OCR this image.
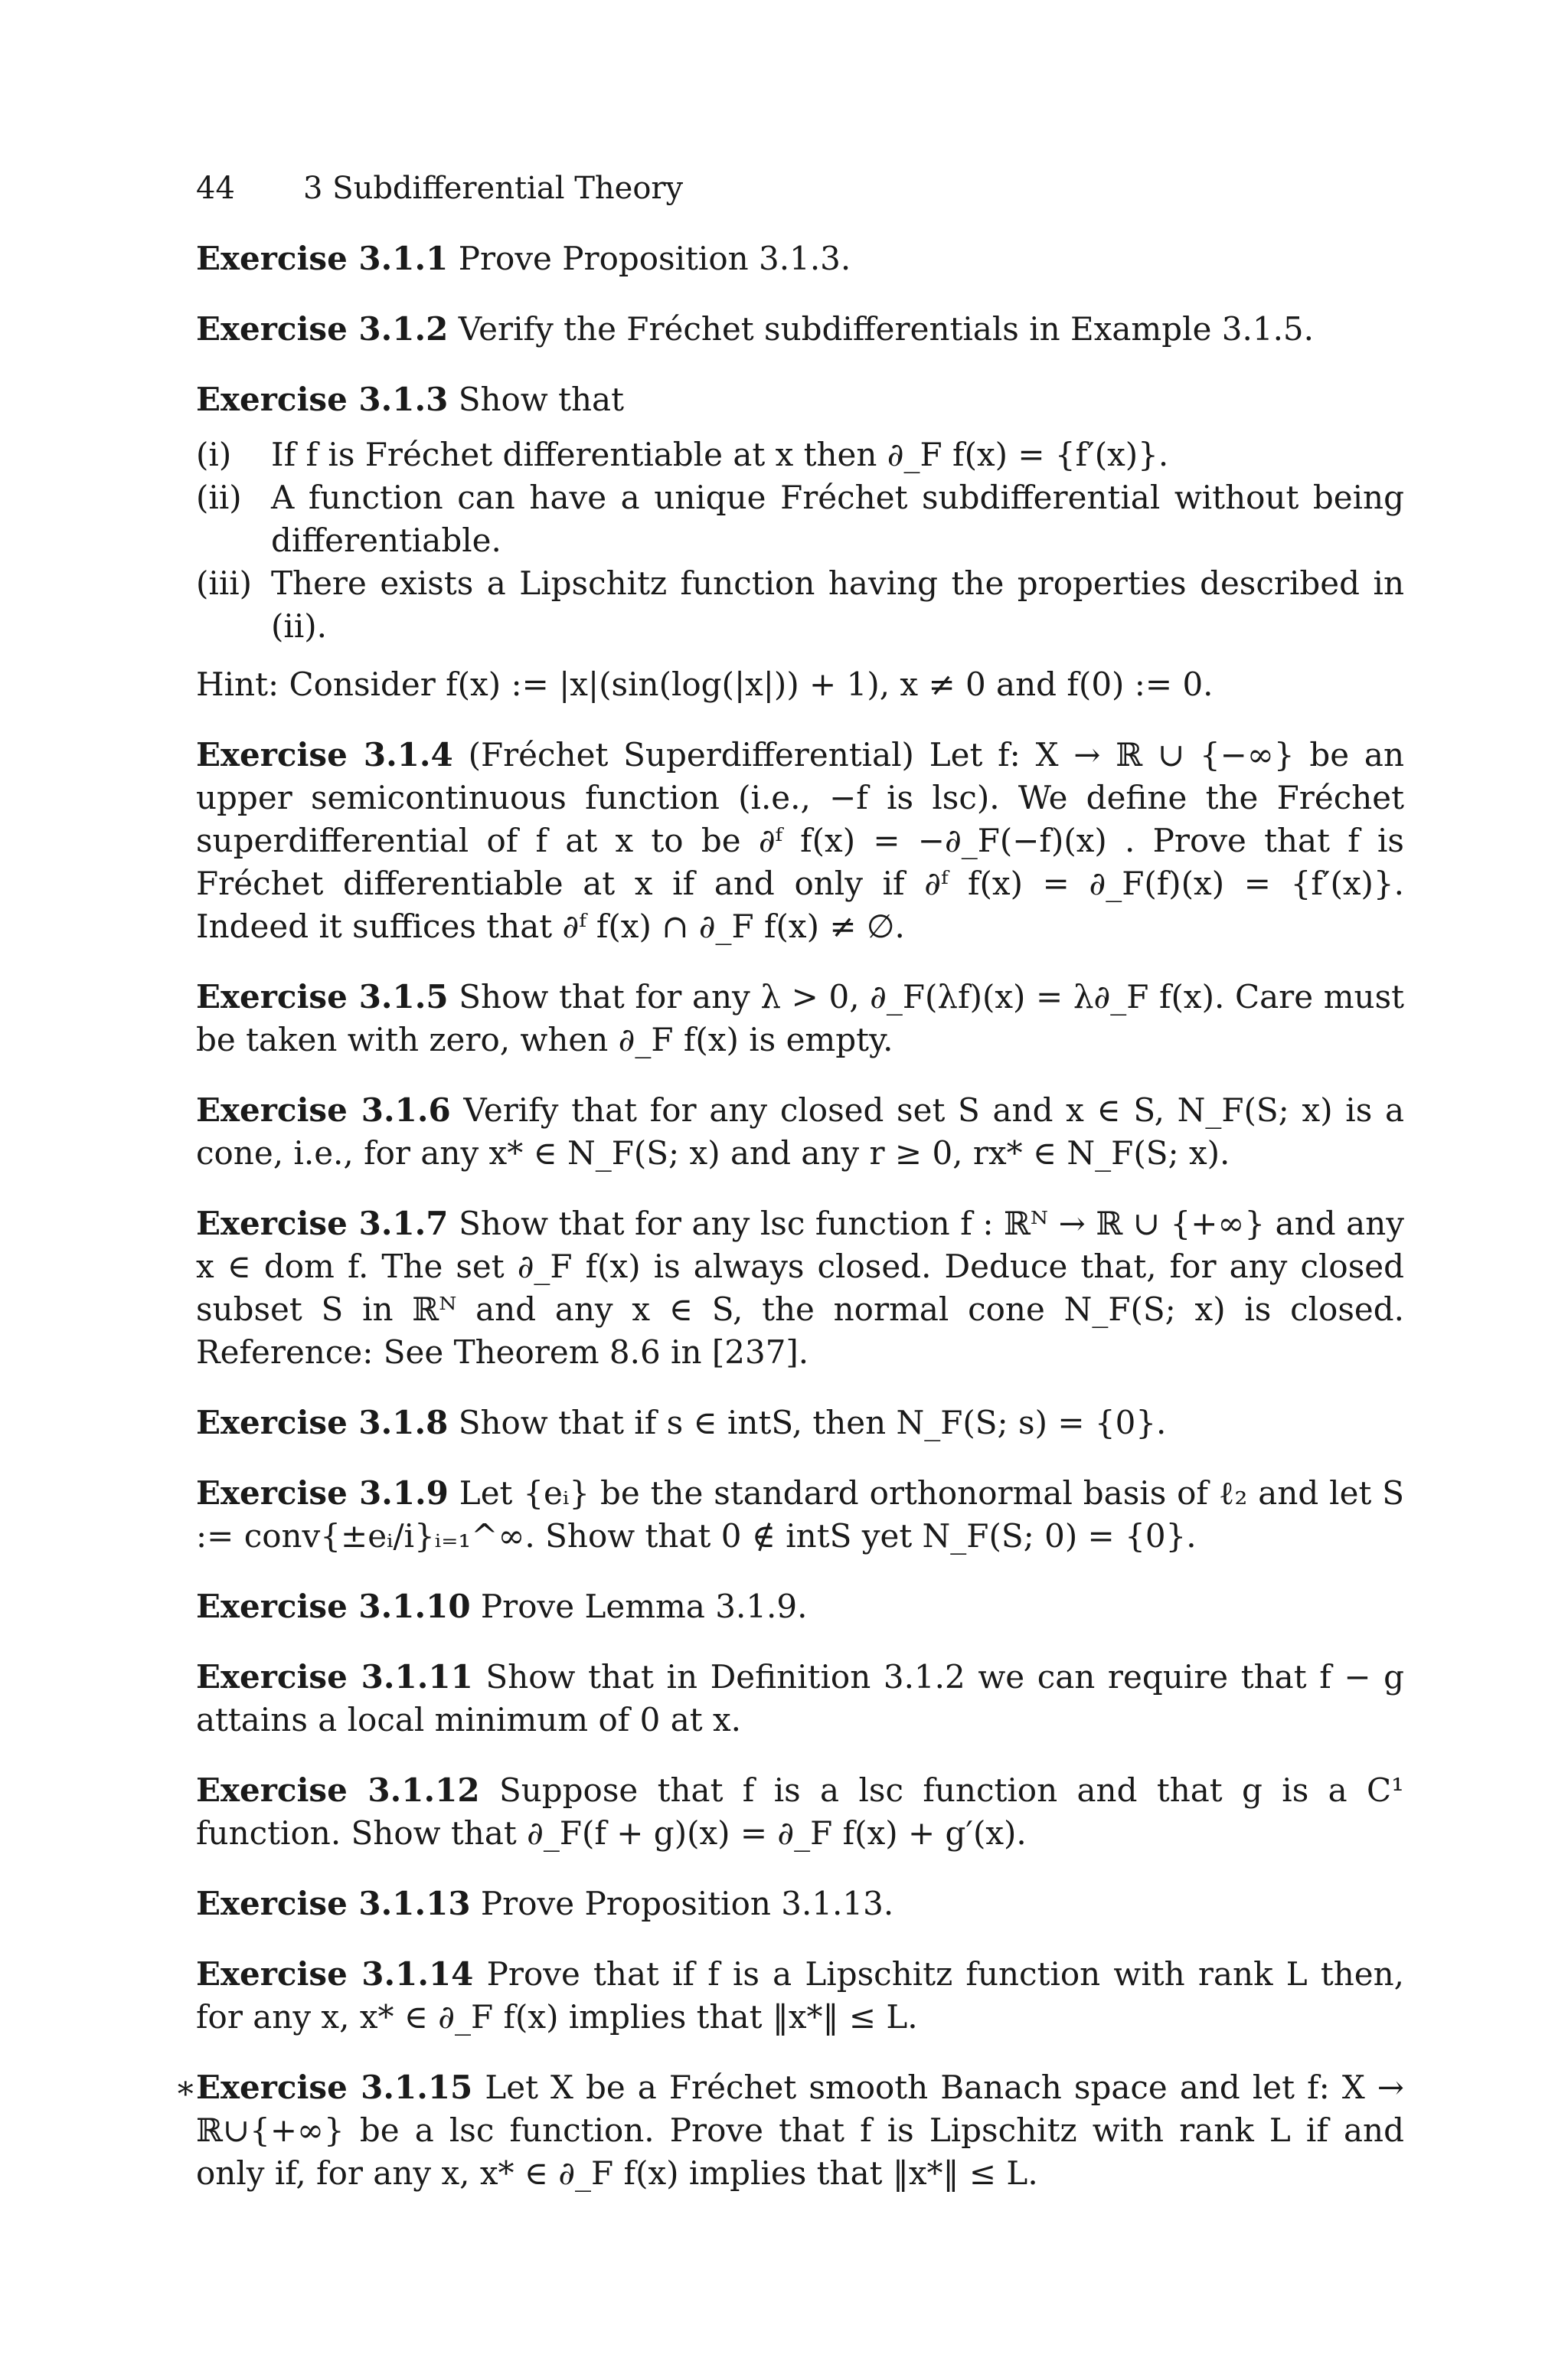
44 3 Subdifferential Theory

Exercise 3.1.1 Prove Proposition 3.1.3.

Exercise 3.1.2 Verify the Fréchet subdifferentials in Example 3.1.5.

Exercise 3.1.3 Show that

(i) If f is Fréchet differentiable at x then ∂_F f(x) = {f′(x)}.
(ii) A function can have a unique Fréchet subdifferential without being differentiable.
(iii) There exists a Lipschitz function having the properties described in (ii).

Hint: Consider f(x) := |x|(sin(log(|x|)) + 1), x ≠ 0 and f(0) := 0.

Exercise 3.1.4 (Fréchet Superdifferential) Let f: X → ℝ ∪ {−∞} be an upper semicontinuous function (i.e., −f is lsc). We define the Fréchet superdifferential of f at x to be ∂ᶠ f(x) = −∂_F(−f)(x) . Prove that f is Fréchet differentiable at x if and only if ∂ᶠ f(x) = ∂_F(f)(x) = {f′(x)}. Indeed it suffices that ∂ᶠ f(x) ∩ ∂_F f(x) ≠ ∅.

Exercise 3.1.5 Show that for any λ > 0, ∂_F(λf)(x) = λ∂_F f(x). Care must be taken with zero, when ∂_F f(x) is empty.

Exercise 3.1.6 Verify that for any closed set S and x ∈ S, N_F(S; x) is a cone, i.e., for any x* ∈ N_F(S; x) and any r ≥ 0, rx* ∈ N_F(S; x).

Exercise 3.1.7 Show that for any lsc function f : ℝᴺ → ℝ ∪ {+∞} and any x ∈ dom f. The set ∂_F f(x) is always closed. Deduce that, for any closed subset S in ℝᴺ and any x ∈ S, the normal cone N_F(S; x) is closed. Reference: See Theorem 8.6 in [237].

Exercise 3.1.8 Show that if s ∈ intS, then N_F(S; s) = {0}.

Exercise 3.1.9 Let {eᵢ} be the standard orthonormal basis of ℓ₂ and let S := conv{±eᵢ/i}ᵢ₌₁^∞. Show that 0 ∉ intS yet N_F(S; 0) = {0}.

Exercise 3.1.10 Prove Lemma 3.1.9.

Exercise 3.1.11 Show that in Definition 3.1.2 we can require that f − g attains a local minimum of 0 at x.

Exercise 3.1.12 Suppose that f is a lsc function and that g is a C¹ function. Show that ∂_F(f + g)(x) = ∂_F f(x) + g′(x).

Exercise 3.1.13 Prove Proposition 3.1.13.

Exercise 3.1.14 Prove that if f is a Lipschitz function with rank L then, for any x, x* ∈ ∂_F f(x) implies that ‖x*‖ ≤ L.

∗ Exercise 3.1.15 Let X be a Fréchet smooth Banach space and let f: X → ℝ∪{+∞} be a lsc function. Prove that f is Lipschitz with rank L if and only if, for any x, x* ∈ ∂_F f(x) implies that ‖x*‖ ≤ L.
